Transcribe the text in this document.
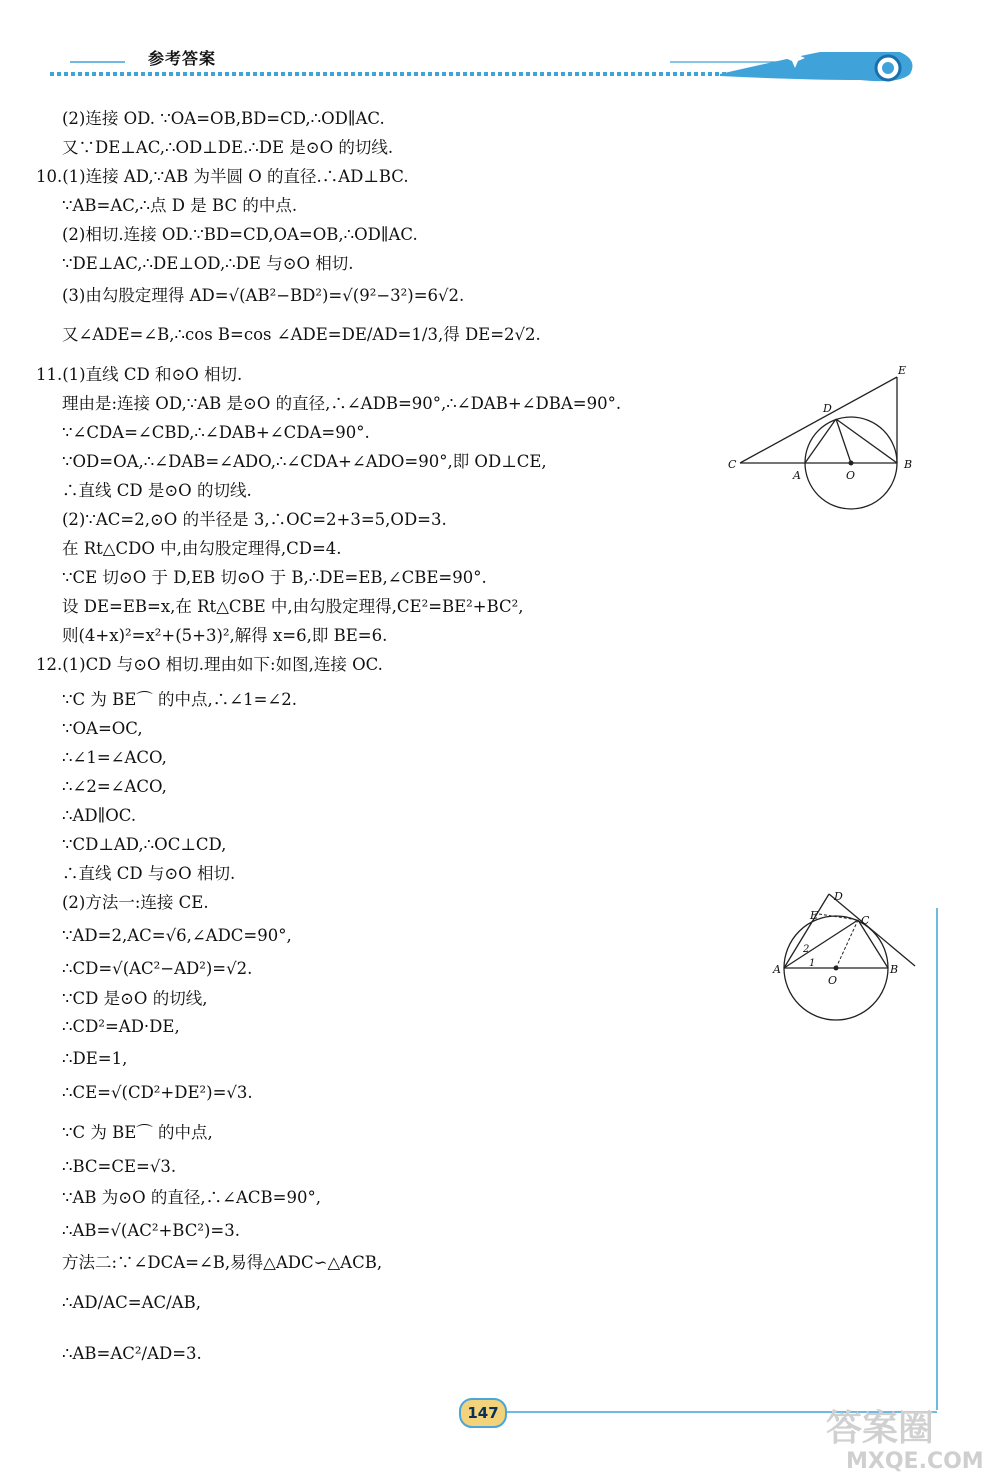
参考答案
(2)连接 OD. ∵OA=OB,BD=CD,∴OD∥AC.
又∵DE⊥AC,∴OD⊥DE.∴DE 是⊙O 的切线.
10.(1)连接 AD,∵AB 为半圆 O 的直径.∴AD⊥BC.
∵AB=AC,∴点 D 是 BC 的中点.
(2)相切.连接 OD.∵BD=CD,OA=OB,∴OD∥AC.
∵DE⊥AC,∴DE⊥OD,∴DE 与⊙O 相切.
(3)由勾股定理得 AD=√(AB²−BD²)=√(9²−3²)=6√2.
又∠ADE=∠B,∴cos B=cos ∠ADE=DE/AD=1/3,得 DE=2√2.
11.(1)直线 CD 和⊙O 相切.
理由是:连接 OD,∵AB 是⊙O 的直径,∴∠ADB=90°,∴∠DAB+∠DBA=90°.
∵∠CDA=∠CBD,∴∠DAB+∠CDA=90°.
∵OD=OA,∴∠DAB=∠ADO,∴∠CDA+∠ADO=90°,即 OD⊥CE,
∴直线 CD 是⊙O 的切线.
(2)∵AC=2,⊙O 的半径是 3,∴OC=2+3=5,OD=3.
在 Rt△CDO 中,由勾股定理得,CD=4.
∵CE 切⊙O 于 D,EB 切⊙O 于 B,∴DE=EB,∠CBE=90°.
设 DE=EB=x,在 Rt△CBE 中,由勾股定理得,CE²=BE²+BC²,
则(4+x)²=x²+(5+3)²,解得 x=6,即 BE=6.
12.(1)CD 与⊙O 相切.理由如下:如图,连接 OC.
∵C 为 BE⌒ 的中点,∴∠1=∠2.
∵OA=OC,
∴∠1=∠ACO,
∴∠2=∠ACO,
∴AD∥OC.
∵CD⊥AD,∴OC⊥CD,
∴直线 CD 与⊙O 相切.
(2)方法一:连接 CE.
∵AD=2,AC=√6,∠ADC=90°,
∴CD=√(AC²−AD²)=√2.
∵CD 是⊙O 的切线,
∴CD²=AD·DE,
∴DE=1,
∴CE=√(CD²+DE²)=√3.
∵C 为 BE⌒ 的中点,
∴BC=CE=√3.
∵AB 为⊙O 的直径,∴∠ACB=90°,
∴AB=√(AC²+BC²)=3.
方法二:∵∠DCA=∠B,易得△ADC∽△ACB,
∴AD/AC=AC/AB,
∴AB=AC²/AD=3.
E
D
C
A	O
B
D
E	C
2
1
A
O
B
147	答案圈
MXQE.COM
